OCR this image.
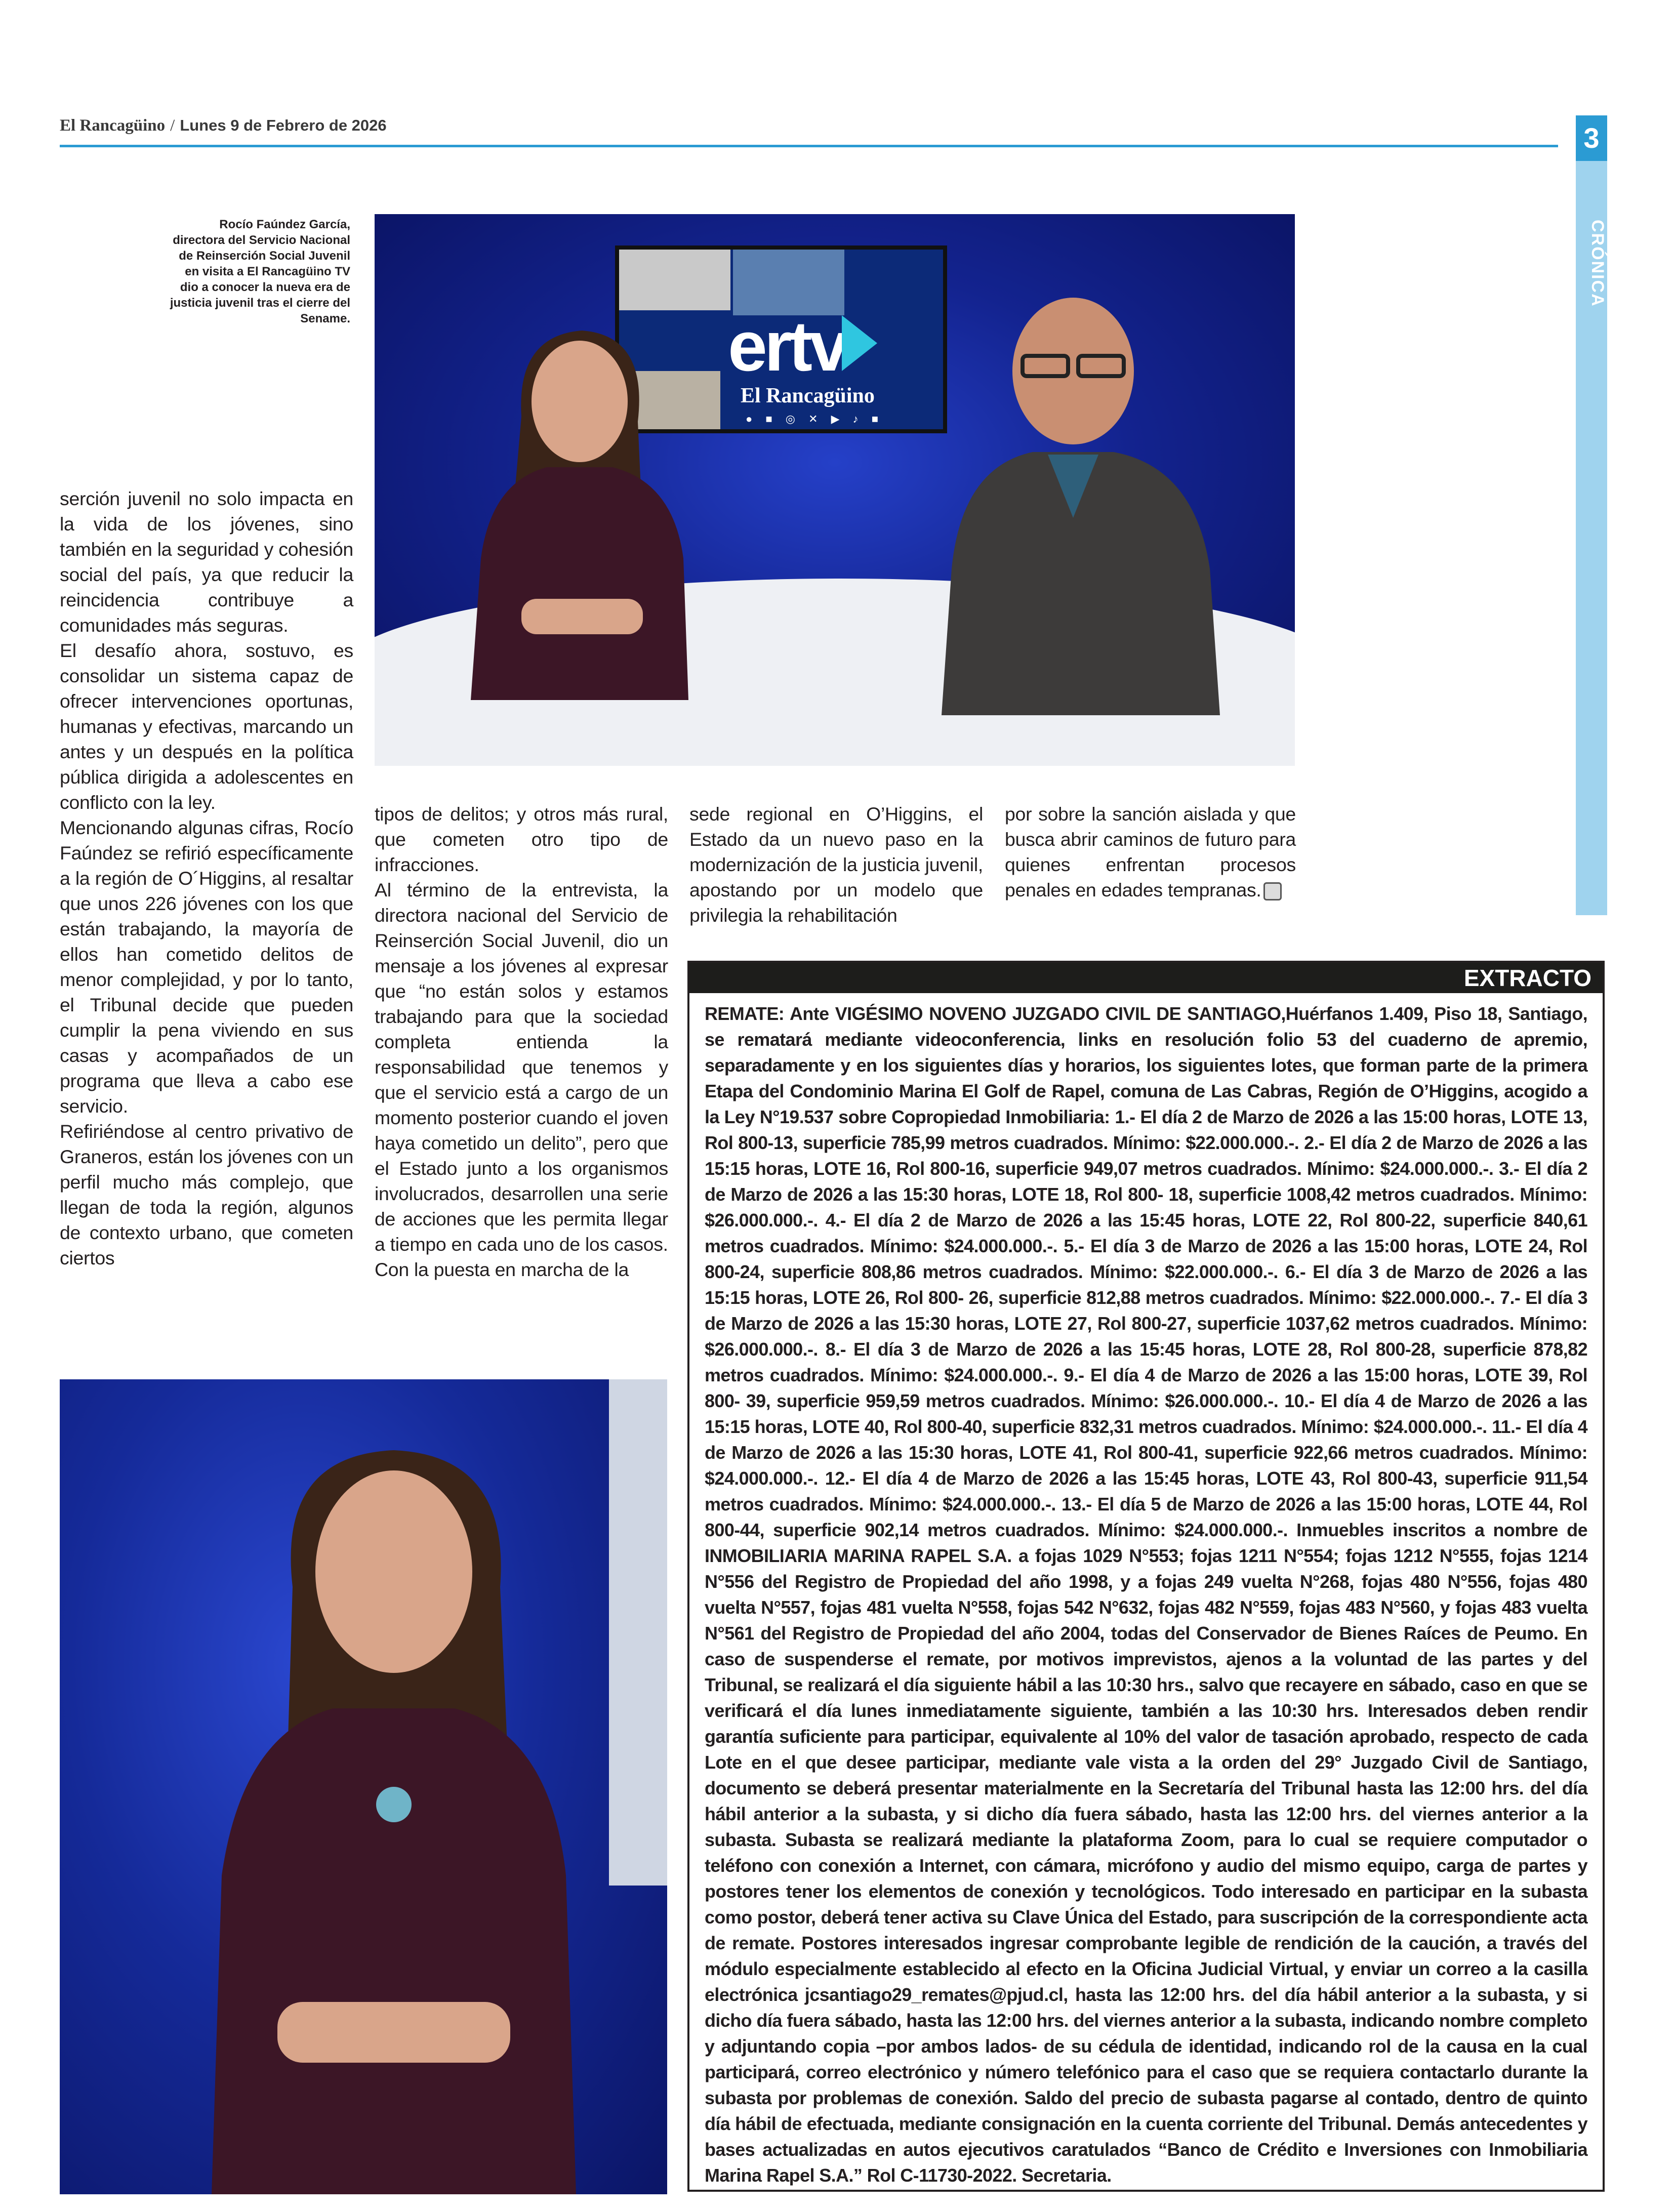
El Rancagüino / Lunes 9 de Febrero de 2026	3
CRÓNICA
Rocío Faúndez García, directora del Servicio Nacional de Reinserción Social Juvenil en visita a El Rancagüino TV dio a conocer la nueva era de justicia juvenil tras el cierre del Sename.	ertv
El Rancagüino
● ■ ◎ ✕ ▶ ♪ ■

serción juvenil no solo impacta en la vida de los jóvenes, sino también en la seguridad y cohesión social del país, ya que reducir la reincidencia contribuye a comunidades más seguras.

El desafío ahora, sostuvo, es consolidar un sistema capaz de ofrecer intervenciones oportunas, humanas y efectivas, marcando un antes y un después en la política pública dirigida a adolescentes en conflicto con la ley.

Mencionando algunas cifras, Rocío Faúndez se refirió específicamente a la región de O´Higgins, al resaltar que unos 226 jóvenes con los que están trabajando, la mayoría de ellos han cometido delitos de menor complejidad, y por lo tanto, el Tribunal decide que pueden cumplir la pena viviendo en sus casas y acompañados de un programa que lleva a cabo ese servicio.

Refiriéndose al centro privativo de Graneros, están los jóvenes con un perfil mucho más complejo, que llegan de toda la región, algunos de contexto urbano, que cometen ciertos

tipos de delitos; y otros más rural, que cometen otro tipo de infracciones.

Al término de la entrevista, la directora nacional del Servicio de Reinserción Social Juvenil, dio un mensaje a los jóvenes al expresar que “no están solos y estamos trabajando para que la sociedad completa entienda la responsabilidad que tenemos y que el servicio está a cargo de un momento posterior cuando el joven haya cometido un delito”, pero que el Estado junto a los organismos involucrados, desarrollen una serie de acciones que les permita llegar a tiempo en cada uno de los casos.

Con la puesta en marcha de la

sede regional en O’Higgins, el Estado da un nuevo paso en la modernización de la justicia juvenil, apostando por un modelo que privilegia la rehabilitación

por sobre la sanción aislada y que busca abrir caminos de futuro para quienes enfrentan procesos penales en edades tempranas.

EXTRACTO
REMATE: Ante VIGÉSIMO NOVENO JUZGADO CIVIL DE SANTIAGO,Huérfanos 1.409, Piso 18, Santiago, se rematará mediante videoconferencia, links en resolución folio 53 del cuaderno de apremio, separadamente y en los siguientes días y horarios, los siguientes lotes, que forman parte de la primera Etapa del Condominio Marina El Golf de Rapel, comuna de Las Cabras, Región de O’Higgins, acogido a la Ley N°19.537 sobre Copropiedad Inmobiliaria: 1.- El día 2 de Marzo de 2026 a las 15:00 horas, LOTE 13, Rol 800-13, superficie 785,99 metros cuadrados. Mínimo: $22.000.000.-. 2.- El día 2 de Marzo de 2026 a las 15:15 horas, LOTE 16, Rol 800-16, superficie 949,07 metros cuadrados. Mínimo: $24.000.000.-. 3.- El día 2 de Marzo de 2026 a las 15:30 horas, LOTE 18, Rol 800- 18, superficie 1008,42 metros cuadrados. Mínimo: $26.000.000.-. 4.- El día 2 de Marzo de 2026 a las 15:45 horas, LOTE 22, Rol 800-22, superficie 840,61 metros cuadrados. Mínimo: $24.000.000.-. 5.- El día 3 de Marzo de 2026 a las 15:00 horas, LOTE 24, Rol 800-24, superficie 808,86 metros cuadrados. Mínimo: $22.000.000.-. 6.- El día 3 de Marzo de 2026 a las 15:15 horas, LOTE 26, Rol 800- 26, superficie 812,88 metros cuadrados. Mínimo: $22.000.000.-. 7.- El día 3 de Marzo de 2026 a las 15:30 horas, LOTE 27, Rol 800-27, superficie 1037,62 metros cuadrados. Mínimo: $26.000.000.-. 8.- El día 3 de Marzo de 2026 a las 15:45 horas, LOTE 28, Rol 800-28, superficie 878,82 metros cuadrados. Mínimo: $24.000.000.-. 9.- El día 4 de Marzo de 2026 a las 15:00 horas, LOTE 39, Rol 800- 39, superficie 959,59 metros cuadrados. Mínimo: $26.000.000.-. 10.- El día 4 de Marzo de 2026 a las 15:15 horas, LOTE 40, Rol 800-40, superficie 832,31 metros cuadrados. Mínimo: $24.000.000.-. 11.- El día 4 de Marzo de 2026 a las 15:30 horas, LOTE 41, Rol 800-41, superficie 922,66 metros cuadrados. Mínimo: $24.000.000.-. 12.- El día 4 de Marzo de 2026 a las 15:45 horas, LOTE 43, Rol 800-43, superficie 911,54 metros cuadrados. Mínimo: $24.000.000.-. 13.- El día 5 de Marzo de 2026 a las 15:00 horas, LOTE 44, Rol 800-44, superficie 902,14 metros cuadrados. Mínimo: $24.000.000.-. Inmuebles inscritos a nombre de INMOBILIARIA MARINA RAPEL S.A. a fojas 1029 N°553; fojas 1211 N°554; fojas 1212 N°555, fojas 1214 N°556 del Registro de Propiedad del año 1998, y a fojas 249 vuelta N°268, fojas 480 N°556, fojas 480 vuelta N°557, fojas 481 vuelta N°558, fojas 542 N°632, fojas 482 N°559, fojas 483 N°560, y fojas 483 vuelta N°561 del Registro de Propiedad del año 2004, todas del Conservador de Bienes Raíces de Peumo. En caso de suspenderse el remate, por motivos imprevistos, ajenos a la voluntad de las partes y del Tribunal, se realizará el día siguiente hábil a las 10:30 hrs., salvo que recayere en sábado, caso en que se verificará el día lunes inmediatamente siguiente, también a las 10:30 hrs. Interesados deben rendir garantía suficiente para participar, equivalente al 10% del valor de tasación aprobado, respecto de cada Lote en el que desee participar, mediante vale vista a la orden del 29° Juzgado Civil de Santiago, documento se deberá presentar materialmente en la Secretaría del Tribunal hasta las 12:00 hrs. del día hábil anterior a la subasta, y si dicho día fuera sábado, hasta las 12:00 hrs. del viernes anterior a la subasta. Subasta se realizará mediante la plataforma Zoom, para lo cual se requiere computador o teléfono con conexión a Internet, con cámara, micrófono y audio del mismo equipo, carga de partes y postores tener los elementos de conexión y tecnológicos. Todo interesado en participar en la subasta como postor, deberá tener activa su Clave Única del Estado, para suscripción de la correspondiente acta de remate. Postores interesados ingresar comprobante legible de rendición de la caución, a través del módulo especialmente establecido al efecto en la Oficina Judicial Virtual, y enviar un correo a la casilla electrónica jcsantiago29_remates@pjud.cl, hasta las 12:00 hrs. del día hábil anterior a la subasta, y si dicho día fuera sábado, hasta las 12:00 hrs. del viernes anterior a la subasta, indicando nombre completo y adjuntando copia –por ambos lados- de su cédula de identidad, indicando rol de la causa en la cual participará, correo electrónico y número telefónico para el caso que se requiera contactarlo durante la subasta por problemas de conexión. Saldo del precio de subasta pagarse al contado, dentro de quinto día hábil de efectuada, mediante consignación en la cuenta corriente del Tribunal. Demás antecedentes y bases actualizadas en autos ejecutivos caratulados “Banco de Crédito e Inversiones con Inmobiliaria Marina Rapel S.A.” Rol C-11730-2022. Secretaria.
